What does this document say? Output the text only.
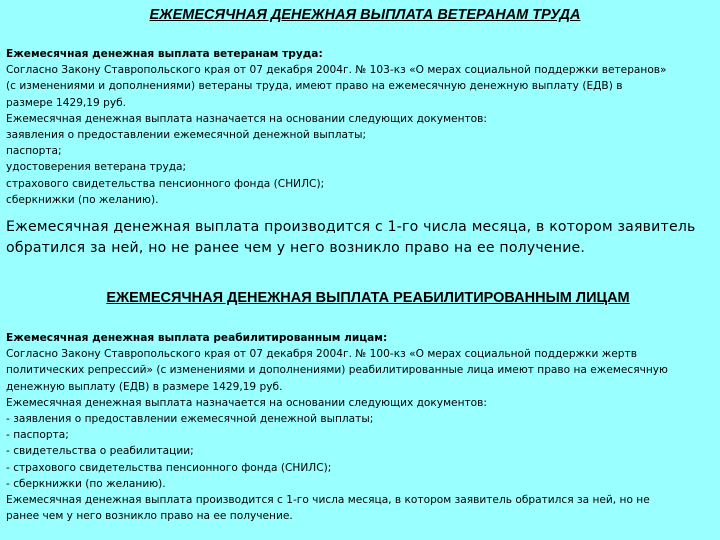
ЕЖЕМЕСЯЧНАЯ ДЕНЕЖНАЯ ВЫПЛАТА ВЕТЕРАНАМ ТРУДА
Ежемесячная денежная выплата ветеранам труда:
Согласно Закону Ставропольского края от 07 декабря 2004г. № 103-кз «О мерах социальной поддержки ветеранов»
(с изменениями и дополнениями) ветераны труда, имеют право на ежемесячную денежную выплату (ЕДВ) в
размере 1429,19 руб.
Ежемесячная денежная выплата назначается на основании следующих документов:
заявления о предоставлении ежемесячной денежной выплаты;
паспорта;
удостоверения ветерана труда;
страхового свидетельства пенсионного фонда (СНИЛС);
сберкнижки (по желанию).
Ежемесячная денежная выплата производится с 1-го числа месяца, в котором заявитель
обратился за ней, но не ранее чем у него возникло право на ее получение.
ЕЖЕМЕСЯЧНАЯ ДЕНЕЖНАЯ ВЫПЛАТА РЕАБИЛИТИРОВАННЫМ ЛИЦАМ
Ежемесячная денежная выплата реабилитированным лицам:
Согласно Закону Ставропольского края от 07 декабря 2004г. № 100-кз «О мерах социальной поддержки жертв
политических репрессий» (с изменениями и дополнениями) реабилитированные лица имеют право на ежемесячную
денежную выплату (ЕДВ) в размере 1429,19 руб.
Ежемесячная денежная выплата назначается на основании следующих документов:
- заявления о предоставлении ежемесячной денежной выплаты;
- паспорта;
- свидетельства о реабилитации;
- страхового свидетельства пенсионного фонда (СНИЛС);
- сберкнижки (по желанию).
Ежемесячная денежная выплата производится с 1-го числа месяца, в котором заявитель обратился за ней, но не
ранее чем у него возникло право на ее получение.
